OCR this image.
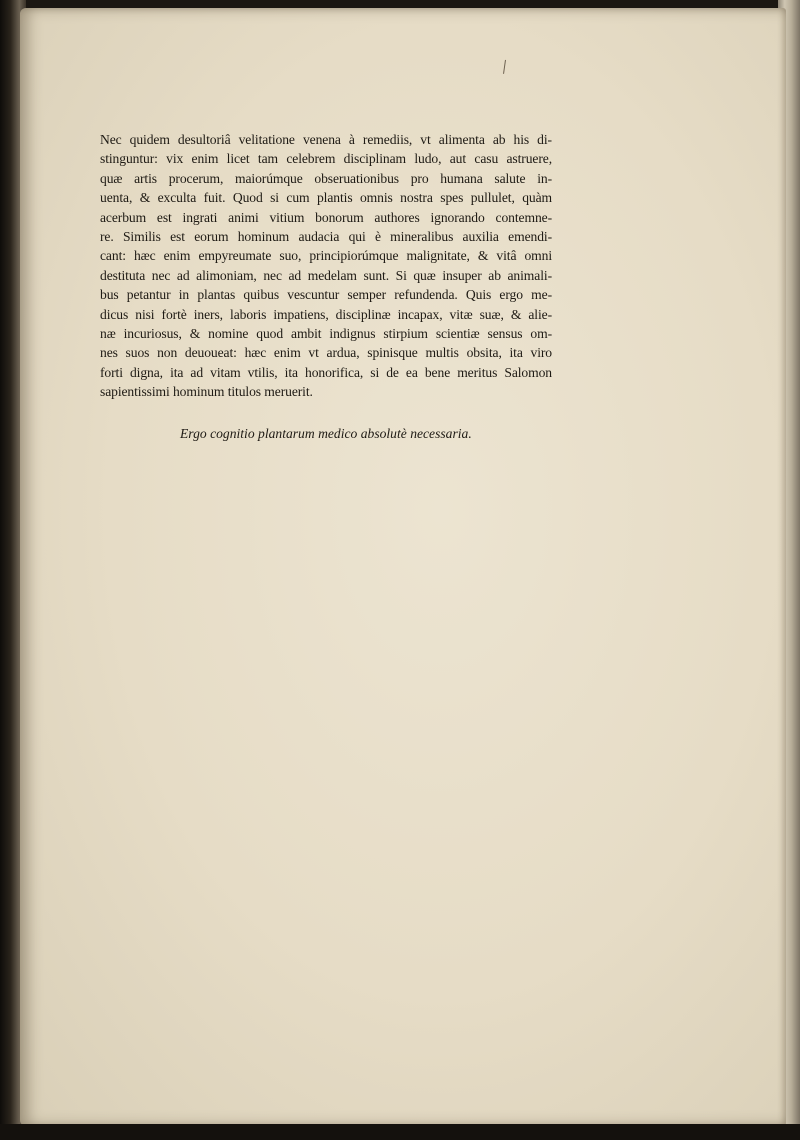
Nec quidem desultoriâ velitatione venena à remediis, vt alimenta ab his di-
stinguntur: vix enim licet tam celebrem disciplinam ludo, aut casu astruere,
quæ artis procerum, maiorúmque obseruationibus pro humana salute in-
uenta, & exculta fuit. Quod si cum plantis omnis nostra spes pullulet, quàm
acerbum est ingrati animi vitium bonorum authores ignorando contemne-
re. Similis est eorum hominum audacia qui è mineralibus auxilia emendi-
cant: hæc enim empyreumate suo, principiorúmque malignitate, & vitâ omni
destituta nec ad alimoniam, nec ad medelam sunt. Si quæ insuper ab animali-
bus petantur in plantas quibus vescuntur semper refundenda. Quis ergo me-
dicus nisi fortè iners, laboris impatiens, disciplinæ incapax, vitæ suæ, & alie-
næ incuriosus, & nomine quod ambit indignus stirpium scientiæ sensus om-
nes suos non deuoueat: hæc enim vt ardua, spinisque multis obsita, ita viro
forti digna, ita ad vitam vtilis, ita honorifica, si de ea bene meritus Salomon
sapientissimi hominum titulos meruerit.
Ergo cognitio plantarum medico absolutè necessaria.
